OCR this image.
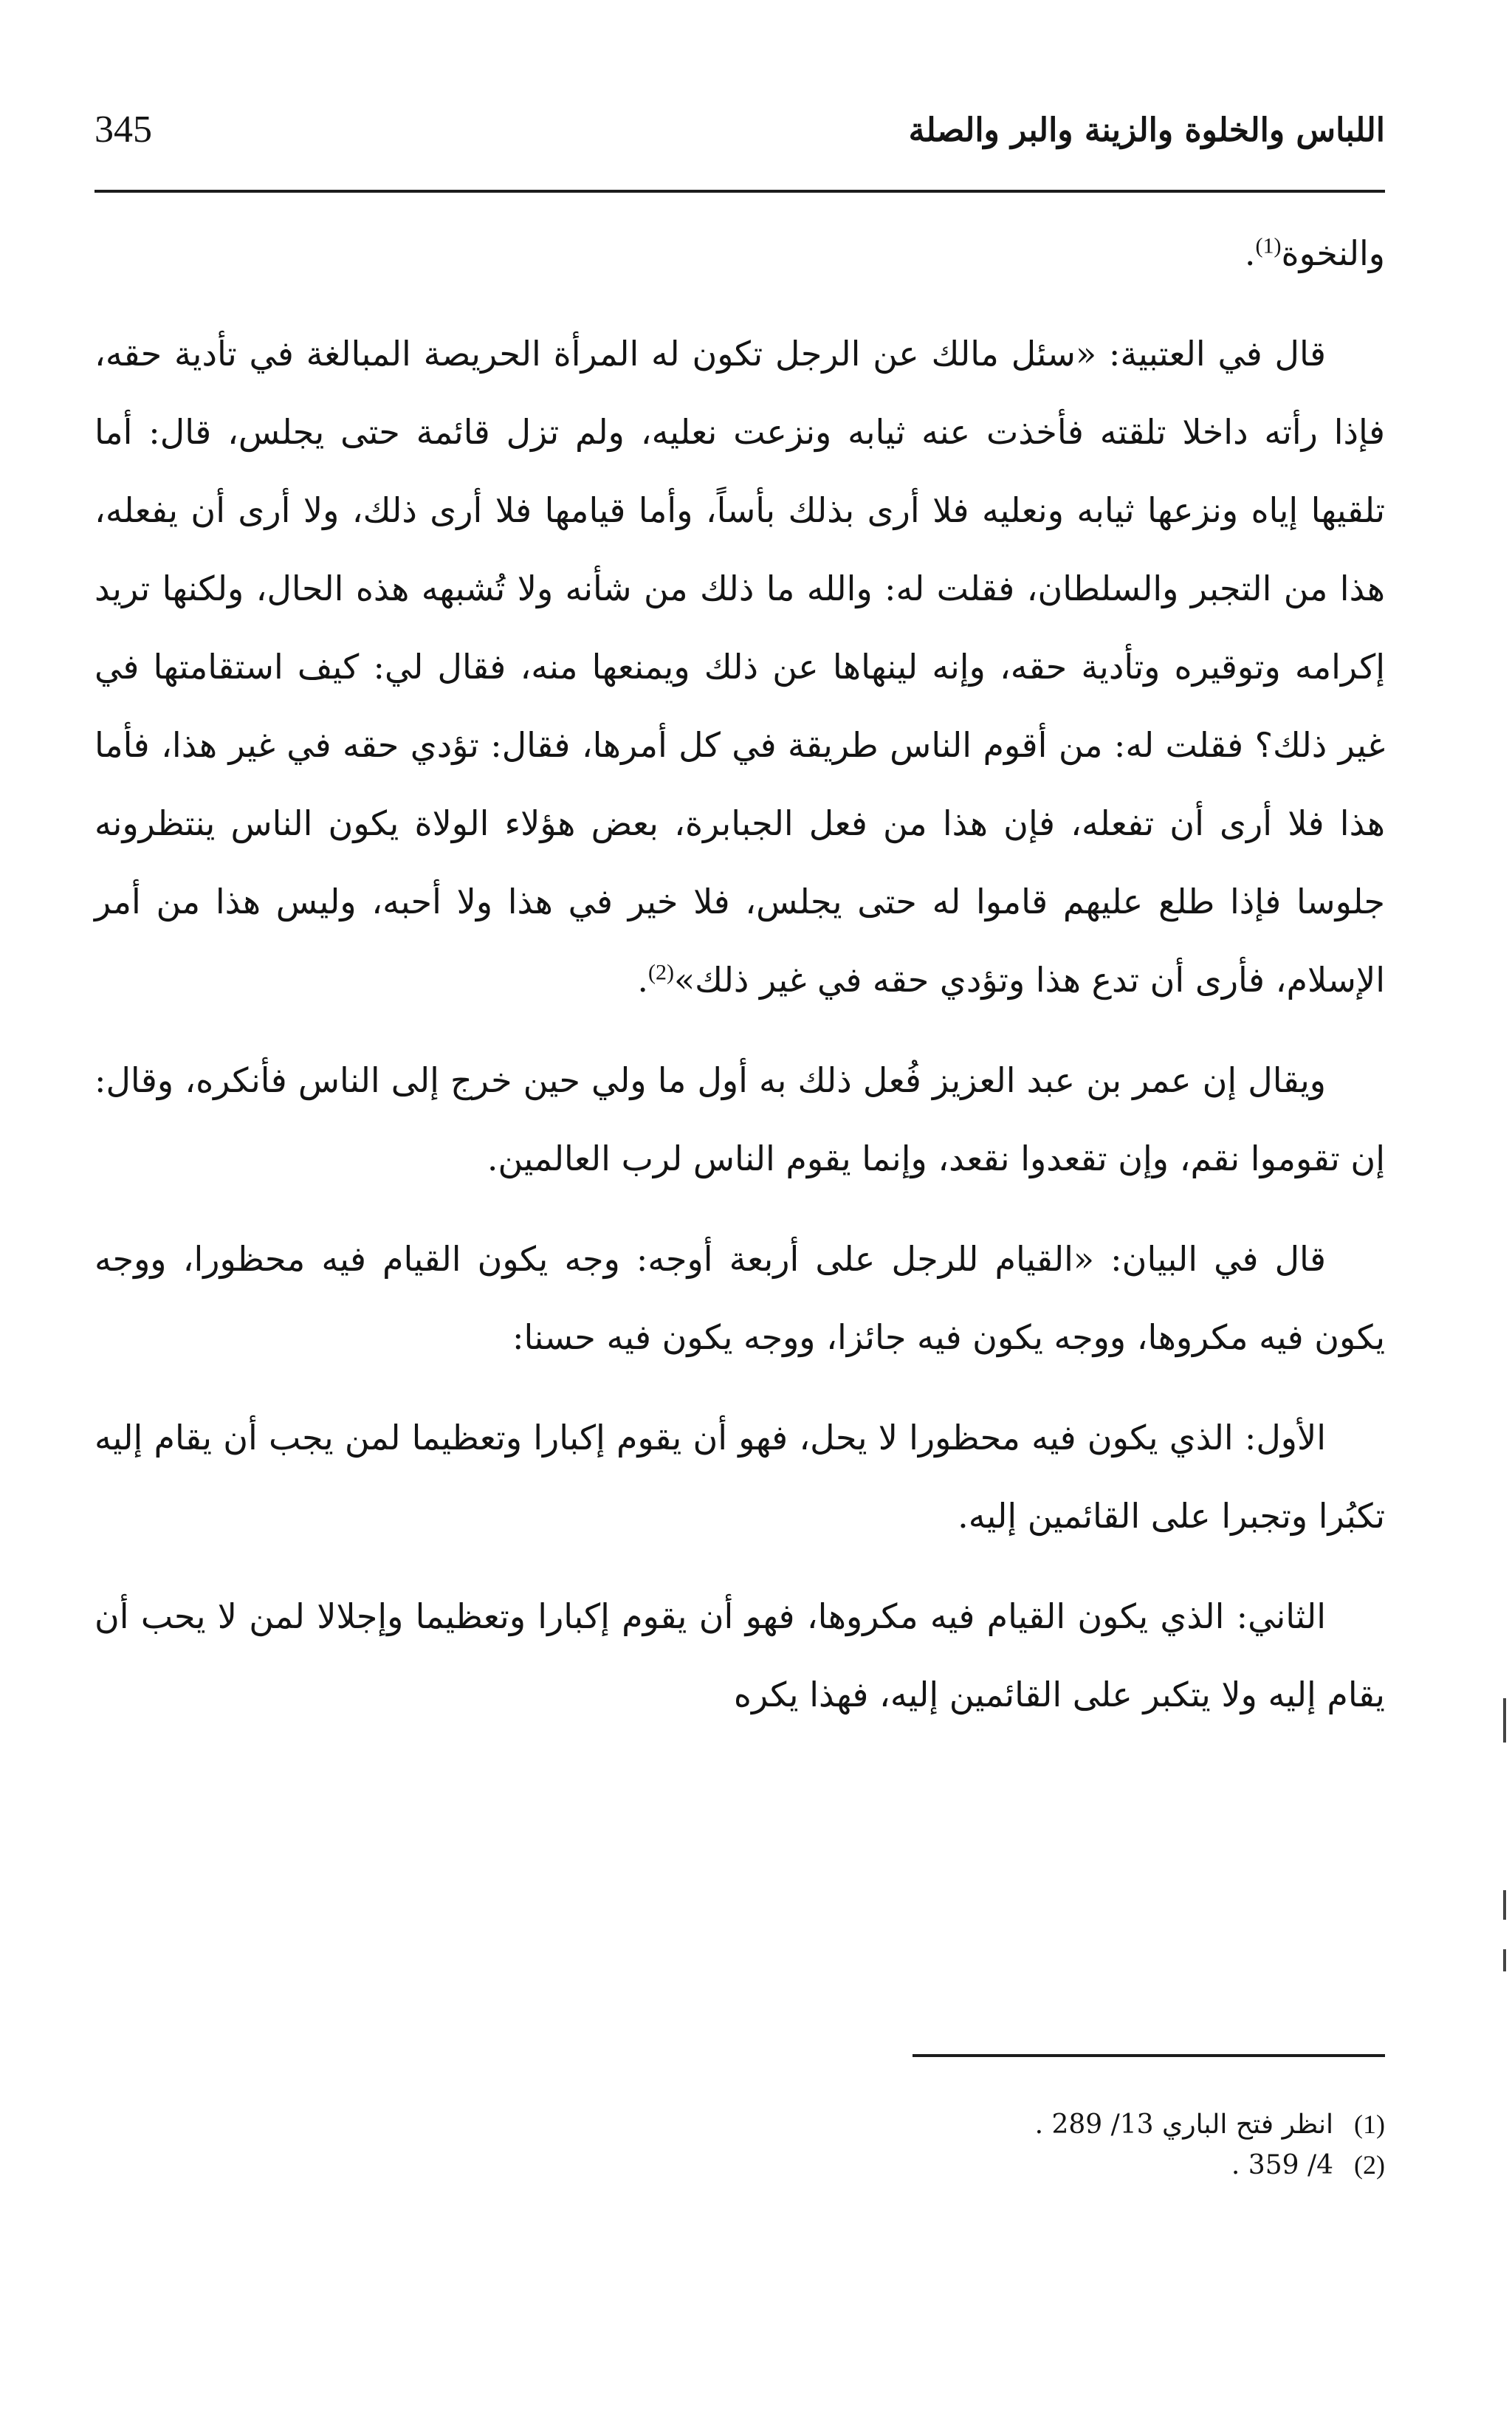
345	اللباس والخلوة والزينة والبر والصلة

والنخوة$^{(1)}$.

قال في العتبية: «سئل مالك عن الرجل تكون له المرأة الحريصة المبالغة في تأدية حقه، فإذا رأته داخلا تلقته فأخذت عنه ثيابه ونزعت نعليه، ولم تزل قائمة حتى يجلس، قال: أما تلقيها إياه ونزعها ثيابه ونعليه فلا أرى بذلك بأساً، وأما قيامها فلا أرى ذلك، ولا أرى أن يفعله، هذا من التجبر والسلطان، فقلت له: والله ما ذلك من شأنه ولا تُشبهه هذه الحال، ولكنها تريد إكرامه وتوقيره وتأدية حقه، وإنه لينهاها عن ذلك ويمنعها منه، فقال لي: كيف استقامتها في غير ذلك؟ فقلت له: من أقوم الناس طريقة في كل أمرها، فقال: تؤدي حقه في غير هذا، فأما هذا فلا أرى أن تفعله، فإن هذا من فعل الجبابرة، بعض هؤلاء الولاة يكون الناس ينتظرونه جلوسا فإذا طلع عليهم قاموا له حتى يجلس، فلا خير في هذا ولا أحبه، وليس هذا من أمر الإسلام، فأرى أن تدع هذا وتؤدي حقه في غير ذلك»$^{(2)}$.

ويقال إن عمر بن عبد العزيز فُعل ذلك به أول ما ولي حين خرج إلى الناس فأنكره، وقال: إن تقوموا نقم، وإن تقعدوا نقعد، وإنما يقوم الناس لرب العالمين.

قال في البيان: «القيام للرجل على أربعة أوجه: وجه يكون القيام فيه محظورا، ووجه يكون فيه مكروها، ووجه يكون فيه جائزا، ووجه يكون فيه حسنا:

الأول: الذي يكون فيه محظورا لا يحل، فهو أن يقوم إكبارا وتعظيما لمن يجب أن يقام إليه تكبُرا وتجبرا على القائمين إليه.

الثاني: الذي يكون القيام فيه مكروها، فهو أن يقوم إكبارا وتعظيما وإجلالا لمن لا يحب أن يقام إليه ولا يتكبر على القائمين إليه، فهذا يكره

(1)
انظر فتح الباري 13/ 289 .
(2)
4/ 359 .
